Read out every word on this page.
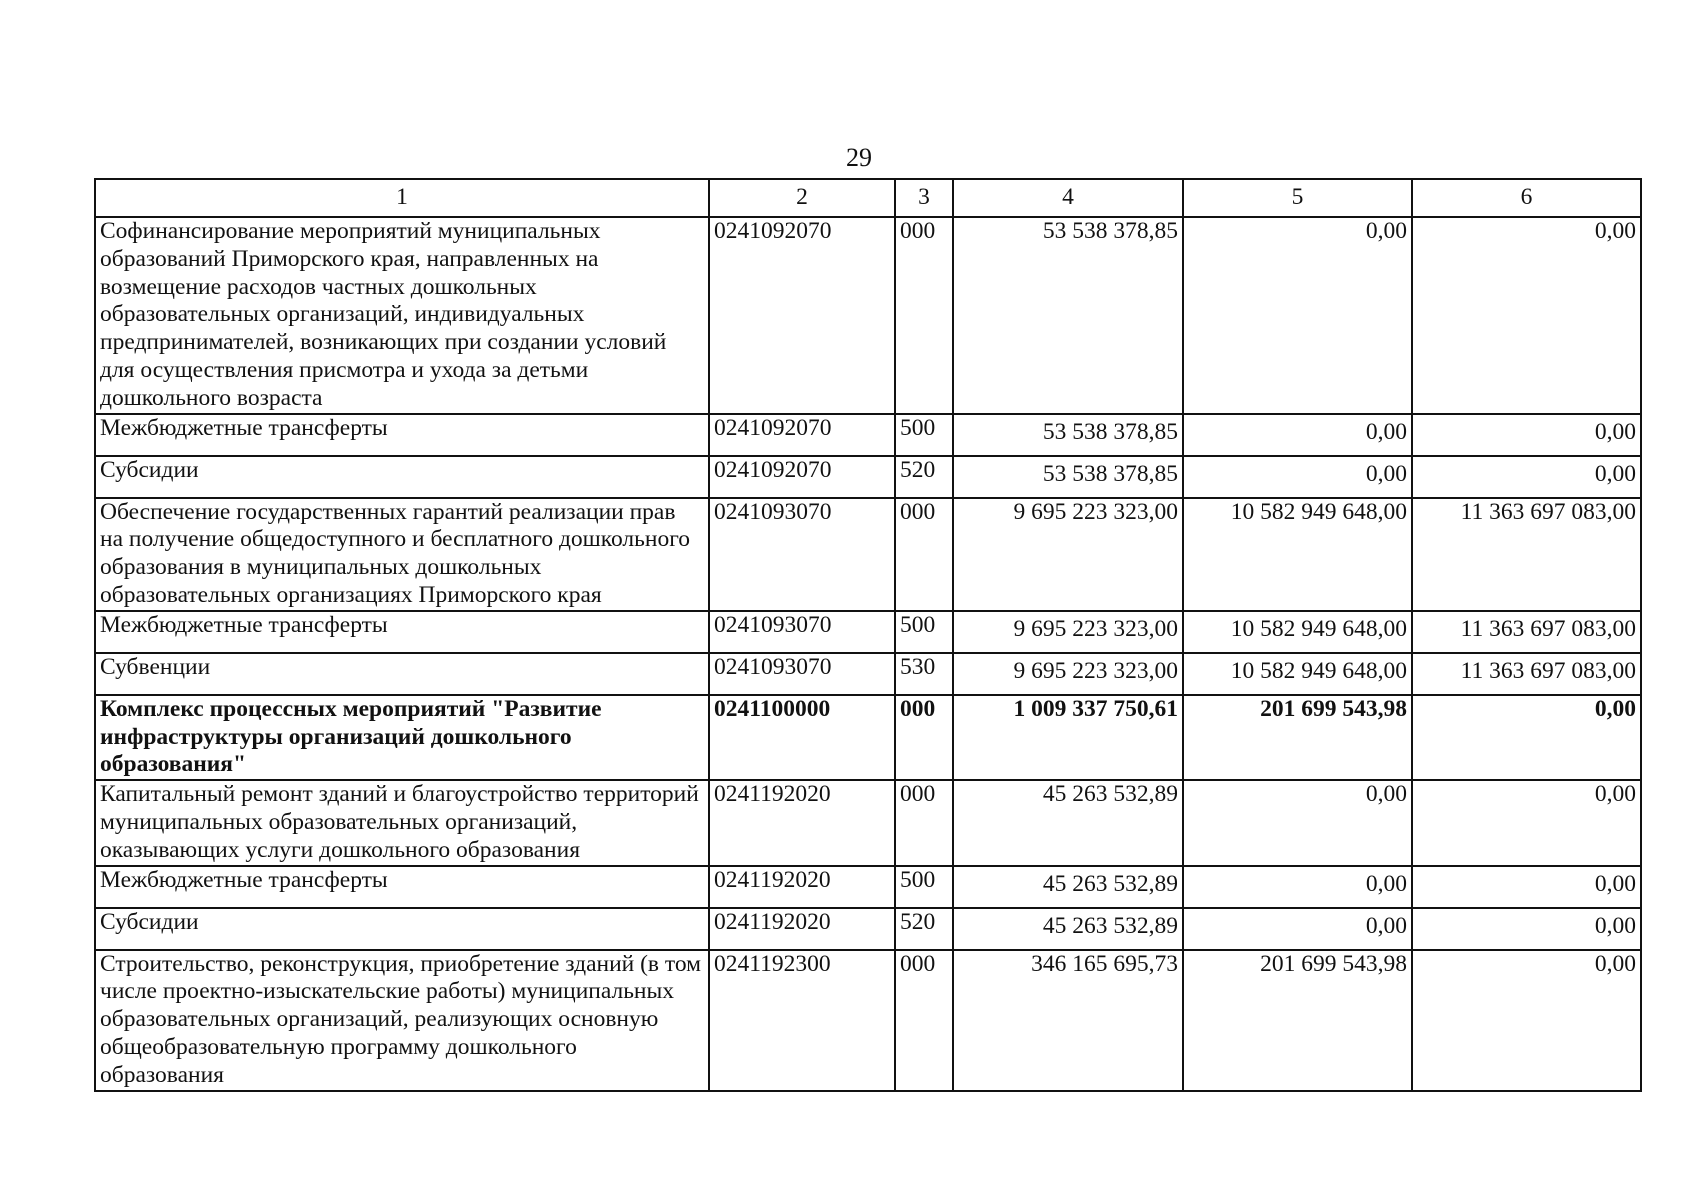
29
1	2	3	4	5	6
Софинансирование мероприятий муниципальных образований Приморского края, направленных на возмещение расходов частных дошкольных образовательных организаций, индивидуальных предпринимателей, возникающих при создании условий для осуществления присмотра и ухода за детьми дошкольного возраста	0241092070	000	53 538 378,85	0,00	0,00
Межбюджетные трансферты	0241092070	500	53 538 378,85	0,00	0,00
Субсидии	0241092070	520	53 538 378,85	0,00	0,00
Обеспечение государственных гарантий реализации прав на получение общедоступного и бесплатного дошкольного образования в муниципальных дошкольных образовательных организациях Приморского края	0241093070	000	9 695 223 323,00	10 582 949 648,00	11 363 697 083,00
Межбюджетные трансферты	0241093070	500	9 695 223 323,00	10 582 949 648,00	11 363 697 083,00
Субвенции	0241093070	530	9 695 223 323,00	10 582 949 648,00	11 363 697 083,00
Комплекс процессных мероприятий "Развитие инфраструктуры организаций дошкольного образования"	0241100000	000	1 009 337 750,61	201 699 543,98	0,00
Капитальный ремонт зданий и благоустройство территорий муниципальных образовательных организаций, оказывающих услуги дошкольного образования	0241192020	000	45 263 532,89	0,00	0,00
Межбюджетные трансферты	0241192020	500	45 263 532,89	0,00	0,00
Субсидии	0241192020	520	45 263 532,89	0,00	0,00
Строительство, реконструкция, приобретение зданий (в том числе проектно-изыскательские работы) муниципальных образовательных организаций, реализующих основную общеобразовательную программу дошкольного образования	0241192300	000	346 165 695,73	201 699 543,98	0,00
